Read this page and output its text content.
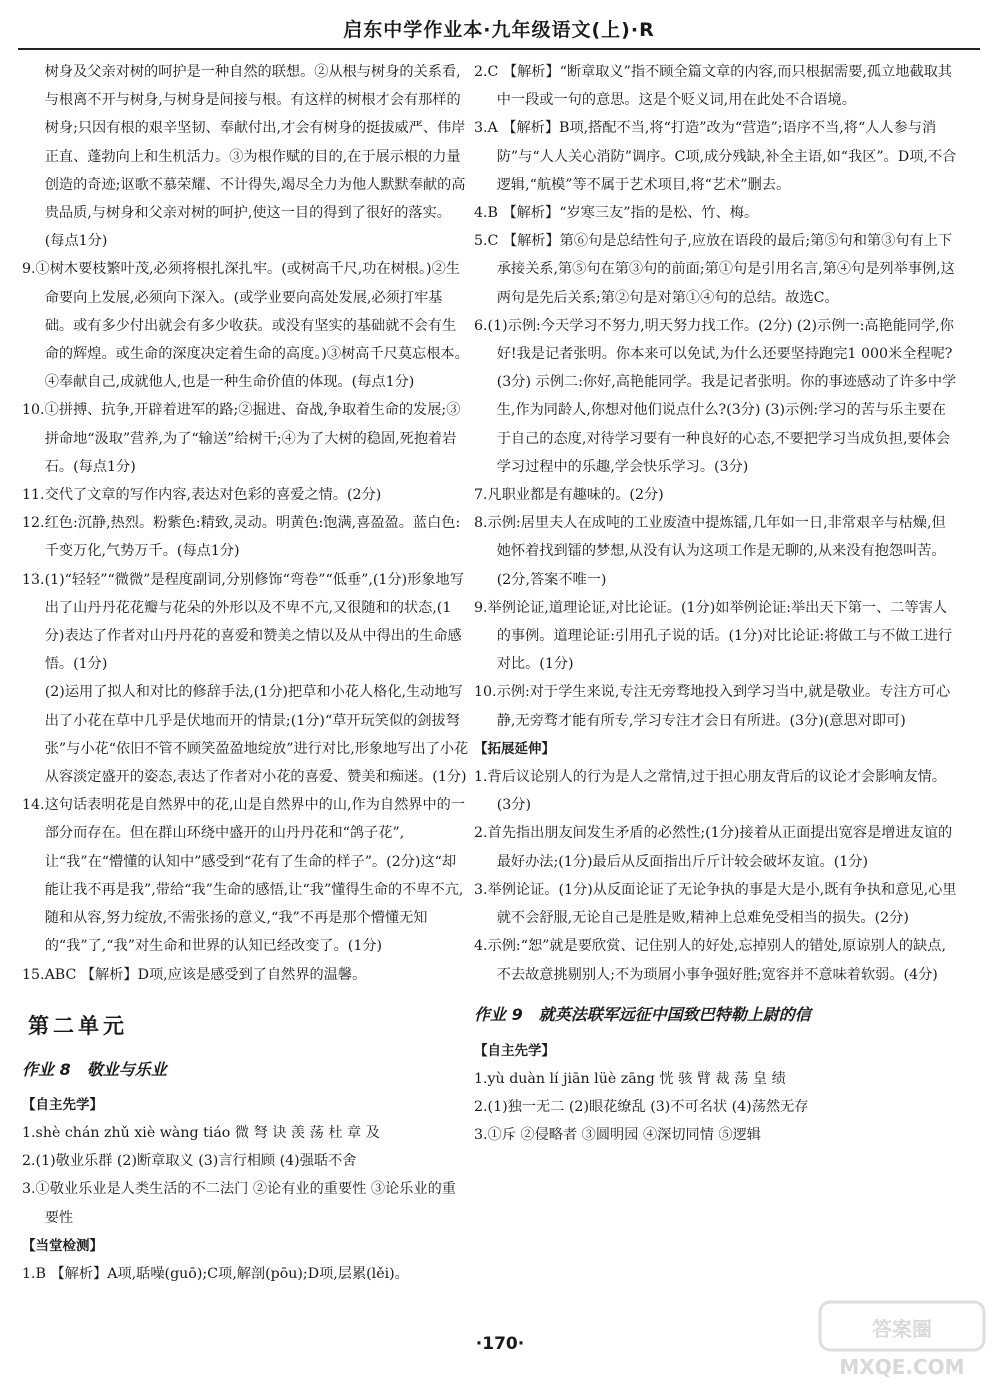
启东中学作业本·九年级语文(上)·R

树身及父亲对树的呵护是一种自然的联想。②从根与树身的关系看,与根离不开与树身,与树身是间接与根。有这样的树根才会有那样的树身;只因有根的艰辛坚韧、奉献付出,才会有树身的挺拔威严、伟岸正直、蓬勃向上和生机活力。③为根作赋的目的,在于展示根的力量创造的奇迹;讴歌不慕荣耀、不计得失,竭尽全力为他人默默奉献的高贵品质,与树身和父亲对树的呵护,使这一目的得到了很好的落实。(每点1分)

9.①树木要枝繁叶茂,必须将根扎深扎牢。(或树高千尺,功在树根。)②生命要向上发展,必须向下深入。(或学业要向高处发展,必须打牢基础。或有多少付出就会有多少收获。或没有坚实的基础就不会有生命的辉煌。或生命的深度决定着生命的高度。)③树高千尺莫忘根本。④奉献自己,成就他人,也是一种生命价值的体现。(每点1分)

10.①拼搏、抗争,开辟着进军的路;②掘进、奋战,争取着生命的发展;③拼命地“汲取”营养,为了“输送”给树干;④为了大树的稳固,死抱着岩石。(每点1分)

11.交代了文章的写作内容,表达对色彩的喜爱之情。(2分)

12.红色:沉静,热烈。粉紫色:精致,灵动。明黄色:饱满,喜盈盈。蓝白色:千变万化,气势万千。(每点1分)

13.(1)“轻轻”“微微”是程度副词,分别修饰“弯卷”“低垂”,(1分)形象地写出了山丹丹花花瓣与花朵的外形以及不卑不亢,又很随和的状态,(1分)表达了作者对山丹丹花的喜爱和赞美之情以及从中得出的生命感悟。(1分)

(2)运用了拟人和对比的修辞手法,(1分)把草和小花人格化,生动地写出了小花在草中几乎是伏地而开的情景;(1分)“草开玩笑似的剑拔弩张”与小花“依旧不管不顾笑盈盈地绽放”进行对比,形象地写出了小花从容淡定盛开的姿态,表达了作者对小花的喜爱、赞美和痴迷。(1分)

14.这句话表明花是自然界中的花,山是自然界中的山,作为自然界中的一部分而存在。但在群山环绕中盛开的山丹丹花和“鸽子花”,让“我”在“懵懂的认知中”感受到“花有了生命的样子”。(2分)这“却能让我不再是我”,带给“我”生命的感悟,让“我”懂得生命的不卑不亢,随和从容,努力绽放,不需张扬的意义,“我”不再是那个懵懂无知的“我”了,“我”对生命和世界的认知已经改变了。(1分)

15.ABC 【解析】D项,应该是感受到了自然界的温馨。

第二单元
作业 8　敬业与乐业

【自主先学】

1.shè chán zhǔ xiè wàng tiáo 微 弩 诀 羡 荡 杜 章 及

2.(1)敬业乐群 (2)断章取义 (3)言行相顾 (4)强聒不舍

3.①敬业乐业是人类生活的不二法门 ②论有业的重要性 ③论乐业的重要性

【当堂检测】

1.B 【解析】A项,聒噪(guō);C项,解剖(pōu);D项,层累(lěi)。

2.C 【解析】“断章取义”指不顾全篇文章的内容,而只根据需要,孤立地截取其中一段或一句的意思。这是个贬义词,用在此处不合语境。

3.A 【解析】B项,搭配不当,将“打造”改为“营造”;语序不当,将“人人参与消防”与“人人关心消防”调序。C项,成分残缺,补全主语,如“我区”。D项,不合逻辑,“航模”等不属于艺术项目,将“艺术”删去。

4.B 【解析】“岁寒三友”指的是松、竹、梅。

5.C 【解析】第⑥句是总结性句子,应放在语段的最后;第⑤句和第③句有上下承接关系,第⑤句在第③句的前面;第①句是引用名言,第④句是列举事例,这两句是先后关系;第②句是对第①④句的总结。故选C。

6.(1)示例:今天学习不努力,明天努力找工作。(2分) (2)示例一:高艳能同学,你好!我是记者张明。你本来可以免试,为什么还要坚持跑完1 000米全程呢?(3分) 示例二:你好,高艳能同学。我是记者张明。你的事迹感动了许多中学生,作为同龄人,你想对他们说点什么?(3分) (3)示例:学习的苦与乐主要在于自己的态度,对待学习要有一种良好的心态,不要把学习当成负担,要体会学习过程中的乐趣,学会快乐学习。(3分)

7.凡职业都是有趣味的。(2分)

8.示例:居里夫人在成吨的工业废渣中提炼镭,几年如一日,非常艰辛与枯燥,但她怀着找到镭的梦想,从没有认为这项工作是无聊的,从来没有抱怨叫苦。(2分,答案不唯一)

9.举例论证,道理论证,对比论证。(1分)如举例论证:举出天下第一、二等害人的事例。道理论证:引用孔子说的话。(1分)对比论证:将做工与不做工进行对比。(1分)

10.示例:对于学生来说,专注无旁骛地投入到学习当中,就是敬业。专注方可心静,无旁骛才能有所专,学习专注才会日有所进。(3分)(意思对即可)

【拓展延伸】

1.背后议论别人的行为是人之常情,过于担心朋友背后的议论才会影响友情。(3分)

2.首先指出朋友间发生矛盾的必然性;(1分)接着从正面提出宽容是增进友谊的最好办法;(1分)最后从反面指出斤斤计较会破坏友谊。(1分)

3.举例论证。(1分)从反面论证了无论争执的事是大是小,既有争执和意见,心里就不会舒服,无论自己是胜是败,精神上总难免受相当的损失。(2分)

4.示例:“恕”就是要欣赏、记住别人的好处,忘掉别人的错处,原谅别人的缺点,不去故意挑剔别人;不为琐屑小事争强好胜;宽容并不意味着软弱。(4分)

作业 9　就英法联军远征中国致巴特勒上尉的信

【自主先学】

1.yù duàn lí jiān lüè zāng 恍 骇 臂 裁 荡 皇 绩

2.(1)独一无二 (2)眼花缭乱 (3)不可名状 (4)荡然无存

3.①斥 ②侵略者 ③圆明园 ④深切同情 ⑤逻辑

·170·
答案圈
MXQE.COM
